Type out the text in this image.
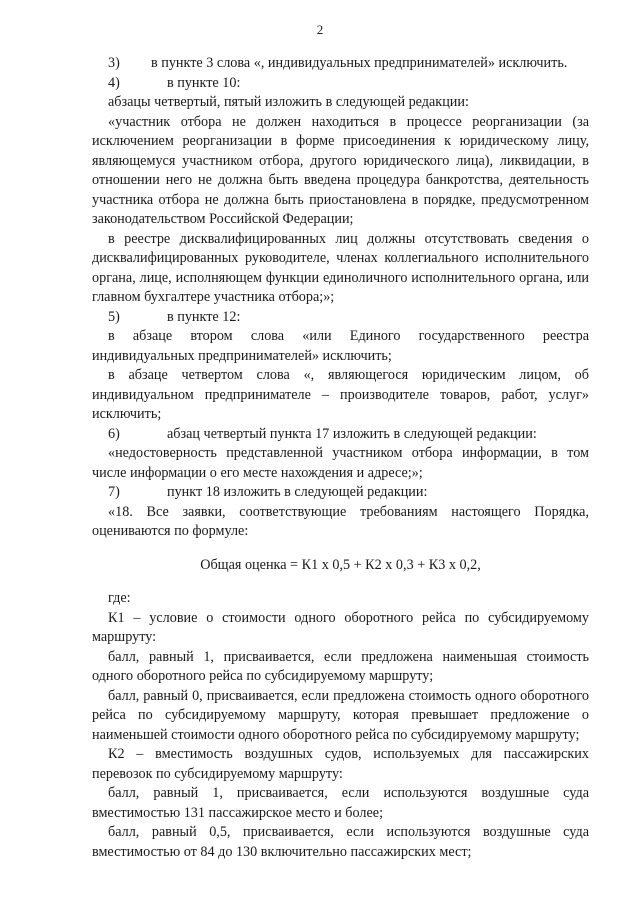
2

3) в пункте 3 слова «, индивидуальных предпринимателей» исключить.

4)	в пункте 10:

абзацы четвертый, пятый изложить в следующей редакции:

«участник отбора не должен находиться в процессе реорганизации (за исключением реорганизации в форме присоединения к юридическому лицу, являющемуся участником отбора, другого юридического лица), ликвидации, в отношении него не должна быть введена процедура банкротства, деятельность участника отбора не должна быть приостановлена в порядке, предусмотренном законодательством Российской Федерации;

в реестре дисквалифицированных лиц должны отсутствовать сведения о дисквалифицированных руководителе, членах коллегиального исполнительного органа, лице, исполняющем функции единоличного исполнительного органа, или главном бухгалтере участника отбора;»;

5)	в пункте 12:

в абзаце втором слова «или Единого государственного реестра индивидуальных предпринимателей» исключить;

в абзаце четвертом слова «, являющегося юридическим лицом, об индивидуальном предпринимателе – производителе товаров, работ, услуг» исключить;

6)	абзац четвертый пункта 17 изложить в следующей редакции:

«недостоверность представленной участником отбора информации, в том числе информации о его месте нахождения и адресе;»;

7)	пункт 18 изложить в следующей редакции:

«18. Все заявки, соответствующие требованиям настоящего Порядка, оцениваются по формуле:

Общая оценка = К1 х 0,5 + К2 х 0,3 + К3 х 0,2,

где:

К1 – условие о стоимости одного оборотного рейса по субсидируемому маршруту:

балл, равный 1, присваивается, если предложена наименьшая стоимость одного оборотного рейса по субсидируемому маршруту;

балл, равный 0, присваивается, если предложена стоимость одного оборотного рейса по субсидируемому маршруту, которая превышает предложение о наименьшей стоимости одного оборотного рейса по субсидируемому маршруту;

К2 – вместимость воздушных судов, используемых для пассажирских перевозок по субсидируемому маршруту:

балл, равный 1, присваивается, если используются воздушные суда вместимостью 131 пассажирское место и более;

балл, равный 0,5, присваивается, если используются воздушные суда вместимостью от 84 до 130 включительно пассажирских мест;
